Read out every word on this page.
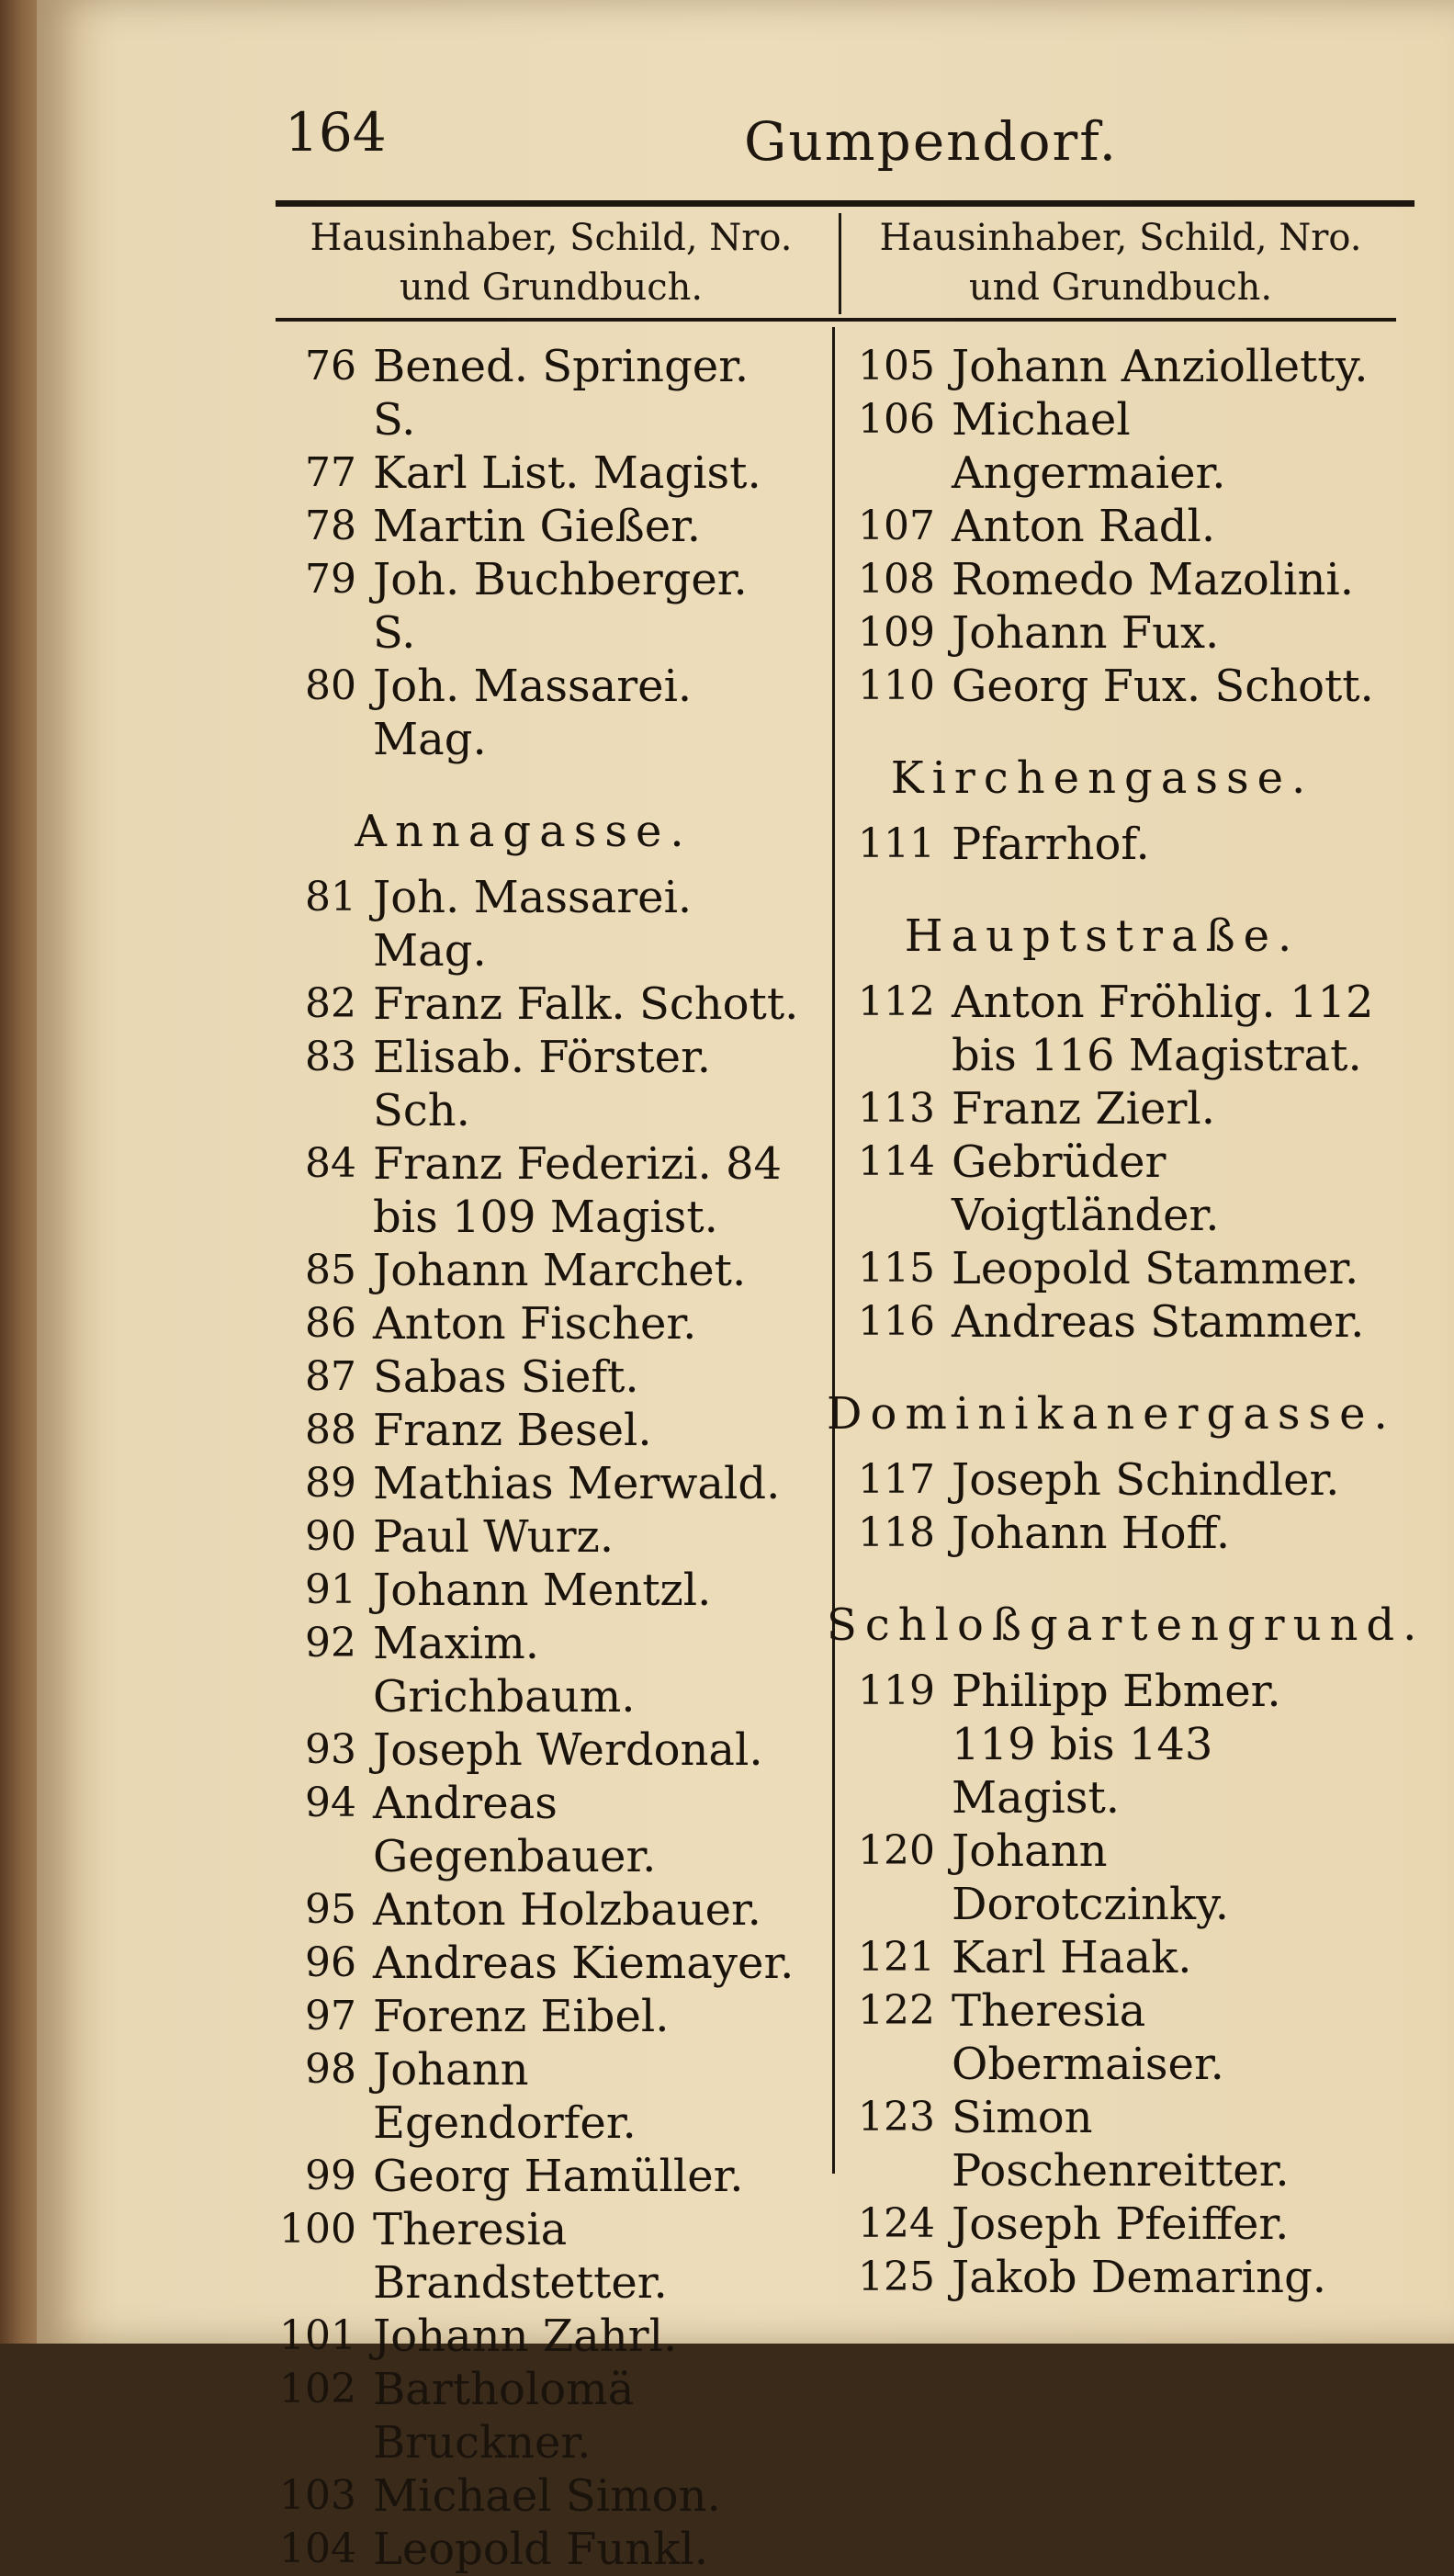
164	Gumpendorf.
Hausinhaber, Schild, Nro. und Grundbuch.
Hausinhaber, Schild, Nro. und Grundbuch.
76 Bened. Springer. S.
77 Karl List. Magist.
78 Martin Gießer.
79 Joh. Buchberger. S.
80 Joh. Massarei. Mag.
Annagasse.
81 Joh. Massarei. Mag.
82 Franz Falk. Schott.
83 Elisab. Förster. Sch.
84 Franz Federizi. 84 bis 109 Magist.
85 Johann Marchet.
86 Anton Fischer.
87 Sabas Sieft.
88 Franz Besel.
89 Mathias Merwald.
90 Paul Wurz.
91 Johann Mentzl.
92 Maxim. Grichbaum.
93 Joseph Werdonal.
94 Andreas Gegenbauer.
95 Anton Holzbauer.
96 Andreas Kiemayer.
97 Forenz Eibel.
98 Johann Egendorfer.
99 Georg Hamüller.
100 Theresia Brandstetter.
101 Johann Zahrl.
102 Bartholomä Bruckner.
103 Michael Simon.
104 Leopold Funkl.
105 Johann Anziolletty.
106 Michael Angermaier.
107 Anton Radl.
108 Romedo Mazolini.
109 Johann Fux.
110 Georg Fux. Schott.
Kirchengasse.
111 Pfarrhof.
Hauptstraße.
112 Anton Fröhlig. 112 bis 116 Magistrat.
113 Franz Zierl.
114 Gebrüder Voigtländer.
115 Leopold Stammer.
116 Andreas Stammer.
Dominikanergasse.
117 Joseph Schindler.
118 Johann Hoff.
Schloßgartengrund.
119 Philipp Ebmer. 119 bis 143 Magist.
120 Johann Dorotczinky.
121 Karl Haak.
122 Theresia Obermaiser.
123 Simon Poschenreitter.
124 Joseph Pfeiffer.
125 Jakob Demaring.
